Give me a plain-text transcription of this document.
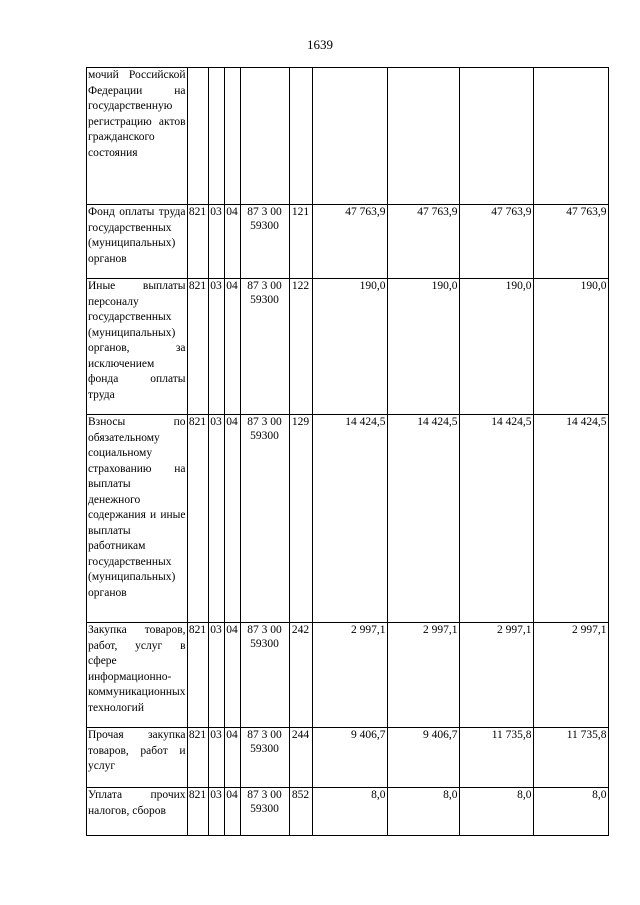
1639
мочий Российской Федерации на государственную регистрацию актов гражданского состояния									
Фонд оплаты труда государственных (муниципальных) органов	821	03	04	87 3 00 59300	121	47 763,9	47 763,9	47 763,9	47 763,9
Иные выплаты персоналу государственных (муниципальных) органов, за исключением фонда оплаты труда	821	03	04	87 3 00 59300	122	190,0	190,0	190,0	190,0
Взносы по обязательному социальному страхованию на выплаты денежного содержания и иные выплаты работникам государственных (муниципальных) органов	821	03	04	87 3 00 59300	129	14 424,5	14 424,5	14 424,5	14 424,5
Закупка товаров, работ, услуг в сфере информационно-коммуникационных технологий	821	03	04	87 3 00 59300	242	2 997,1	2 997,1	2 997,1	2 997,1
Прочая закупка товаров, работ и услуг	821	03	04	87 3 00 59300	244	9 406,7	9 406,7	11 735,8	11 735,8
Уплата прочих налогов, сборов	821	03	04	87 3 00 59300	852	8,0	8,0	8,0	8,0
